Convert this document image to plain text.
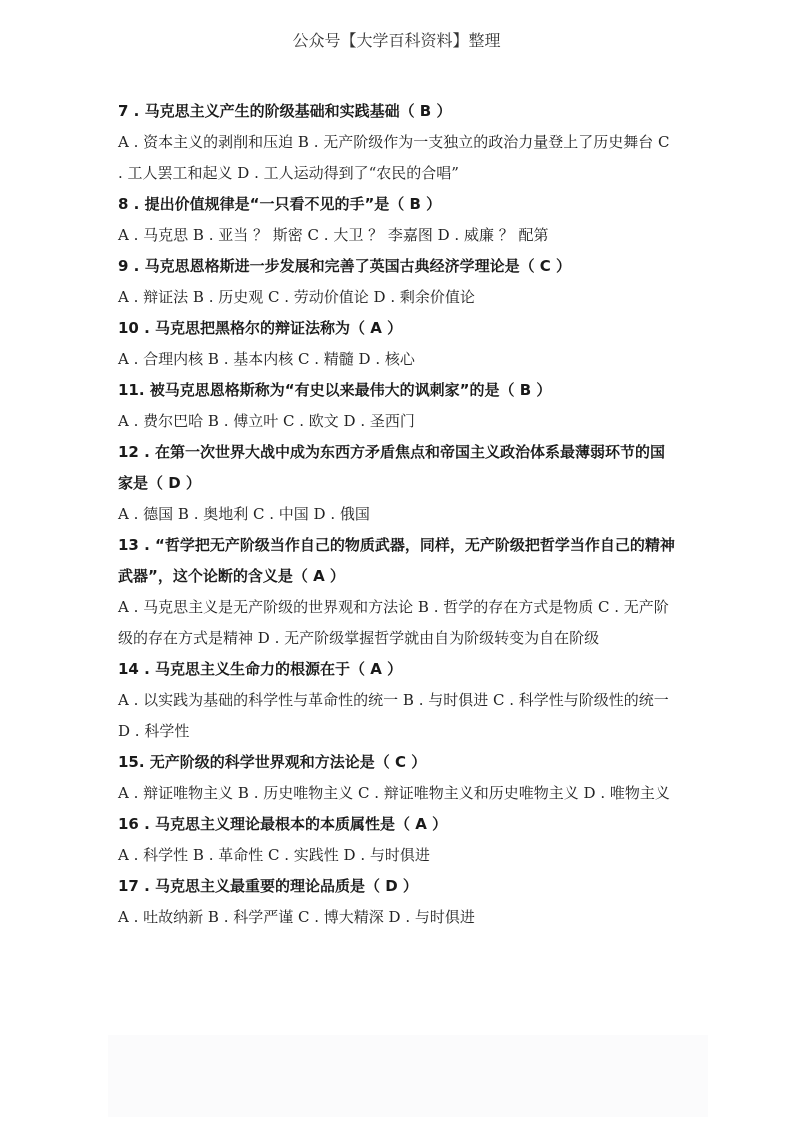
公众号【大学百科资料】整理

7 . 马克思主义产生的阶级基础和实践基础（ B ）

A . 资本主义的剥削和压迫 B . 无产阶级作为一支独立的政治力量登上了历史舞台 C . 工人罢工和起义 D . 工人运动得到了“农民的合唱”

8 . 提出价值规律是“一只看不见的手”是（ B ）

A . 马克思 B . 亚当 ？ 斯密 C . 大卫 ？ 李嘉图 D . 威廉 ？ 配第

9 . 马克思恩格斯进一步发展和完善了英国古典经济学理论是（ C ）

A . 辩证法 B . 历史观 C . 劳动价值论 D . 剩余价值论

10 . 马克思把黑格尔的辩证法称为（ A ）

A . 合理内核 B . 基本内核 C . 精髓 D . 核心

11. 被马克思恩格斯称为“有史以来最伟大的讽刺家”的是（ B ）

A . 费尔巴哈 B . 傅立叶 C . 欧文 D . 圣西门

12 . 在第一次世界大战中成为东西方矛盾焦点和帝国主义政治体系最薄弱环节的国家是（ D ）

A . 德国 B . 奥地利 C . 中国 D . 俄国

13 . “哲学把无产阶级当作自己的物质武器，同样，无产阶级把哲学当作自己的精神武器”，这个论断的含义是（ A ）

A . 马克思主义是无产阶级的世界观和方法论 B . 哲学的存在方式是物质 C . 无产阶级的存在方式是精神 D . 无产阶级掌握哲学就由自为阶级转变为自在阶级

14 . 马克思主义生命力的根源在于（ A ）

A . 以实践为基础的科学性与革命性的统一 B . 与时俱进 C . 科学性与阶级性的统一 D . 科学性

15. 无产阶级的科学世界观和方法论是（ C ）

A . 辩证唯物主义 B . 历史唯物主义 C . 辩证唯物主义和历史唯物主义 D . 唯物主义

16 . 马克思主义理论最根本的本质属性是（ A ）

A . 科学性 B . 革命性 C . 实践性 D . 与时俱进

17 . 马克思主义最重要的理论品质是（ D ）

A . 吐故纳新 B . 科学严谨 C . 博大精深 D . 与时俱进
